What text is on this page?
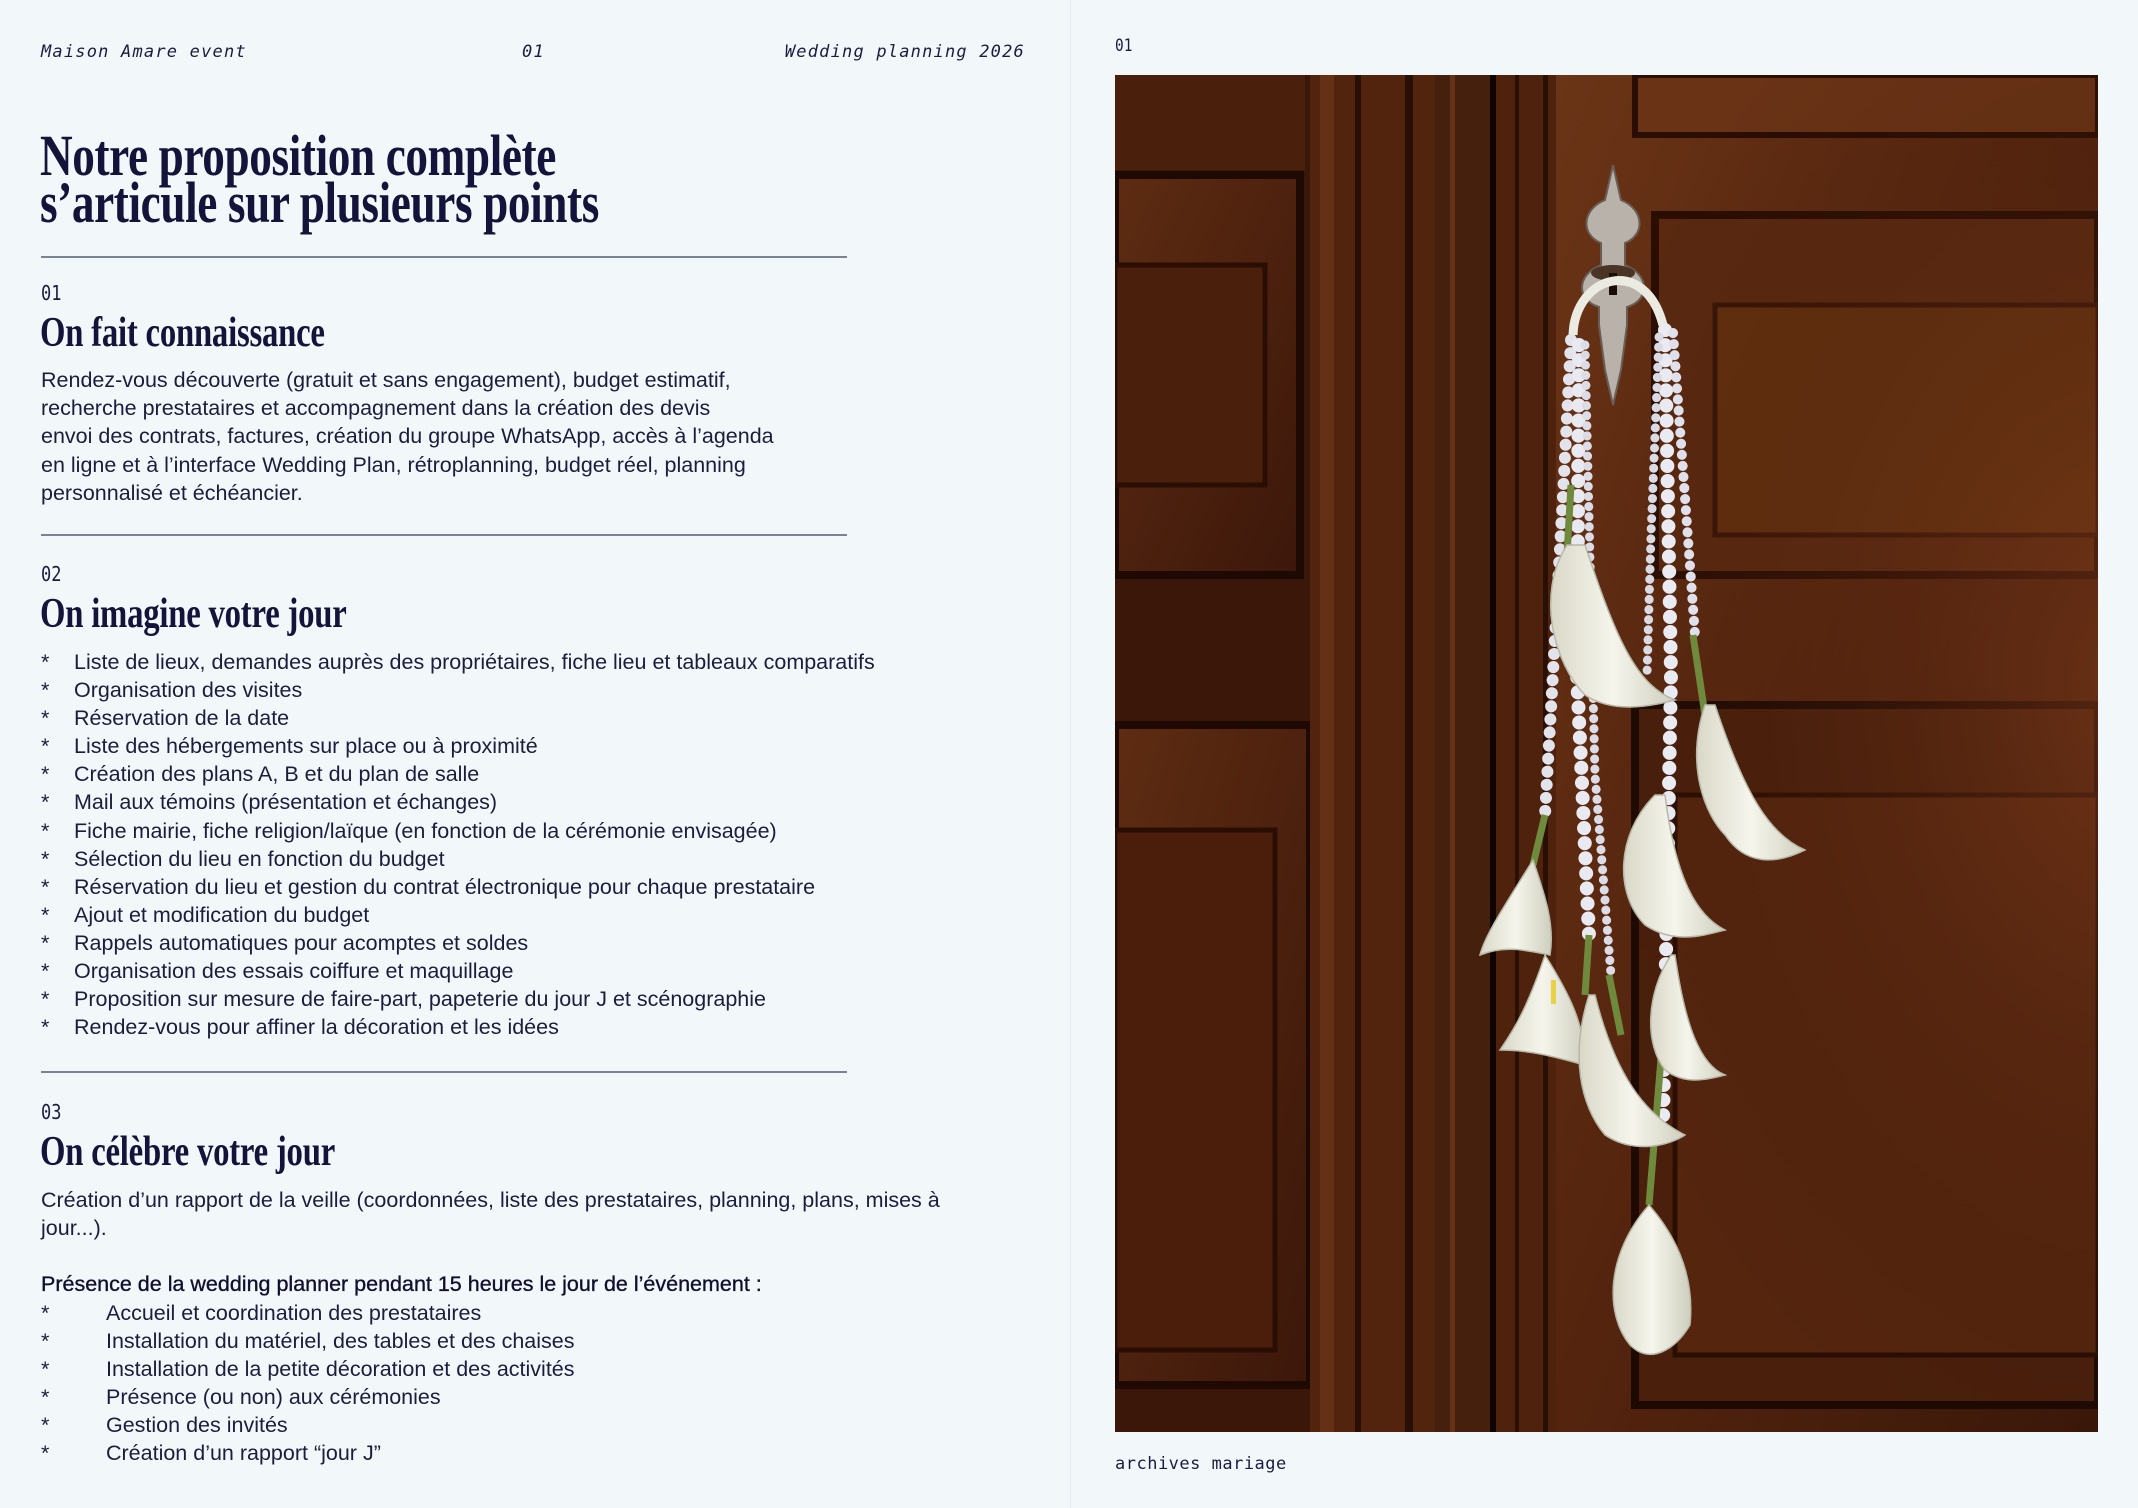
Maison Amare event	01	Wedding planning 2026
Notre proposition complète
s’articule sur plusieurs points
01
On fait connaissance

Rendez-vous découverte (gratuit et sans engagement), budget estimatif,
recherche prestataires et accompagnement dans la création des devis
envoi des contrats, factures, création du groupe WhatsApp, accès à l’agenda
en ligne et à l’interface Wedding Plan, rétroplanning, budget réel, planning
personnalisé et échéancier.

02
On imagine votre jour
*	Liste de lieux, demandes auprès des propriétaires, fiche lieu et tableaux comparatifs
*	Organisation des visites
*	Réservation de la date
*	Liste des hébergements sur place ou à proximité
*	Création des plans A, B et du plan de salle
*	Mail aux témoins (présentation et échanges)
*	Fiche mairie, fiche religion/laïque (en fonction de la cérémonie envisagée)
*	Sélection du lieu en fonction du budget
*	Réservation du lieu et gestion du contrat électronique pour chaque prestataire
*	Ajout et modification du budget
*	Rappels automatiques pour acomptes et soldes
*	Organisation des essais coiffure et maquillage
*	Proposition sur mesure de faire-part, papeterie du jour J et scénographie
*	Rendez-vous pour affiner la décoration et les idées
03
On célèbre votre jour

Création d’un rapport de la veille (coordonnées, liste des prestataires, planning, plans, mises à
jour...).

Présence de la wedding planner pendant 15 heures le jour de l’événement :

*	Accueil et coordination des prestataires
*	Installation du matériel, des tables et des chaises
*	Installation de la petite décoration et des activités
*	Présence (ou non) aux cérémonies
*	Gestion des invités
*	Création d’un rapport “jour J”
01
archives mariage
